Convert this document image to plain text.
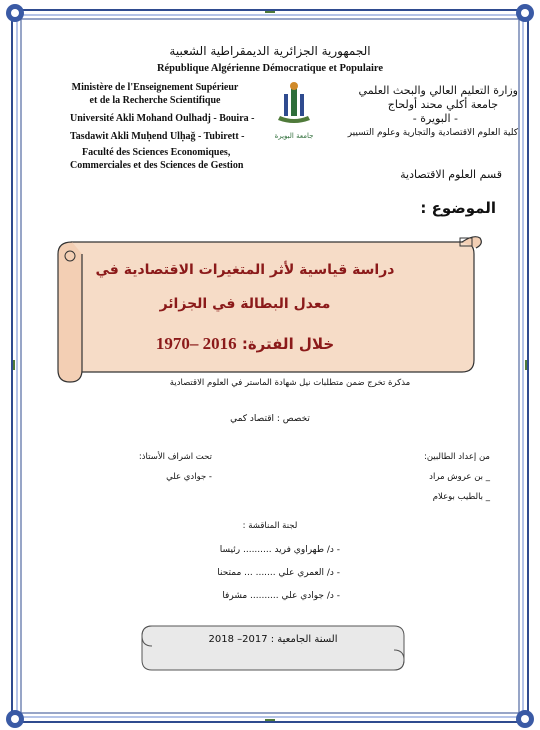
الجمهورية الجزائرية الديمقراطية الشعبية
République Algérienne Démocratique et Populaire
Ministère de l'Enseignement Supérieur
et de la Recherche Scientifique
Université Akli Mohand Oulhadj - Bouira -
Tasdawit Akli Muḥend Ulḥağ - Tubirett -
Faculté des Sciences Economiques,
Commerciales et des Sciences de Gestion
جامعة البويرة
وزارة التعليم العالي والبحث العلمي
جامعة أكلي محند أولحاج
- البويرة -
كلية العلوم الاقتصادية والتجارية وعلوم التسيير
قسم العلوم الاقتصادية
الموضوع :
دراسة قياسية لأثر المتغيرات الاقتصادية في
معدل البطالة في الجزائر
خلال الفترة: 1970– 2016
مذكرة تخرج ضمن متطلبات نيل شهادة الماستر في العلوم الاقتصادية
تخصص : اقتصاد كمي
من إعداد الطالبين:
_ بن عروش مراد
_ بالطيب بوعلام
تحت اشراف الأستاذ:
- جوادي علي
لجنة المناقشة :
- د/ طهراوي فريد .......... رئيسا
- د/ العمري علي ....... ... ممتحنا
- د/ جوادي علي .......... مشرفا
السنة الجامعية : 2017– 2018
